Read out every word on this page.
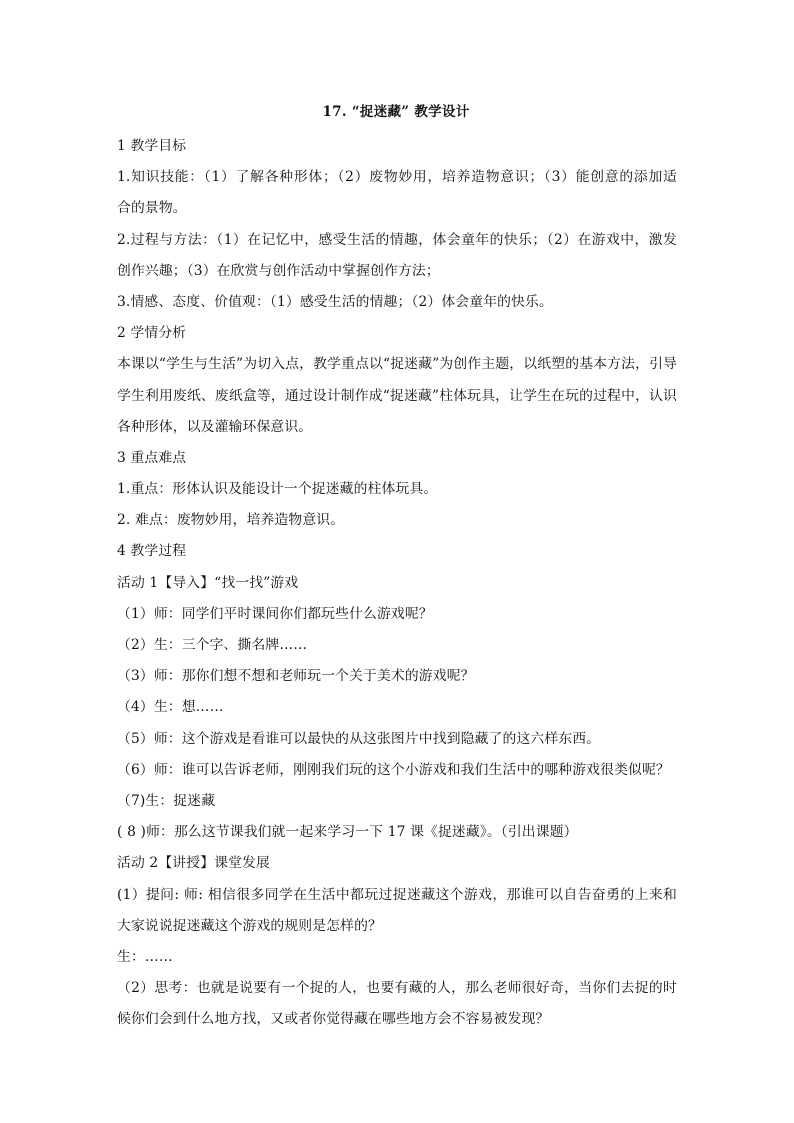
17. “捉迷藏” 教学设计
1 教学目标
1.知识技能：（1）了解各种形体；（2）废物妙用，培养造物意识；（3）能创意的添加适
合的景物。
2.过程与方法：（1）在记忆中，感受生活的情趣，体会童年的快乐；（2）在游戏中，激发
创作兴趣；（3）在欣赏与创作活动中掌握创作方法；
3.情感、态度、价值观：（1）感受生活的情趣；（2）体会童年的快乐。
2 学情分析
本课以“学生与生活”为切入点，教学重点以“捉迷藏”为创作主题，以纸塑的基本方法，引导
学生利用废纸、废纸盒等，通过设计制作成“捉迷藏”柱体玩具，让学生在玩的过程中，认识
各种形体，以及灌输环保意识。
3 重点难点
1.重点：形体认识及能设计一个捉迷藏的柱体玩具。
2. 难点：废物妙用，培养造物意识。
4 教学过程
活动 1【导入】“找一找”游戏
（1）师：同学们平时课间你们都玩些什么游戏呢？
（2）生：三个字、撕名牌……
（3）师：那你们想不想和老师玩一个关于美术的游戏呢？
（4）生：想……
（5）师：这个游戏是看谁可以最快的从这张图片中找到隐藏了的这六样东西。
（6）师：谁可以告诉老师，刚刚我们玩的这个小游戏和我们生活中的哪种游戏很类似呢？
（7)生：捉迷藏
( 8 )师：那么这节课我们就一起来学习一下 17 课《捉迷藏》。（引出课题）
活动 2【讲授】课堂发展
(1）提问: 师: 相信很多同学在生活中都玩过捉迷藏这个游戏，那谁可以自告奋勇的上来和
大家说说捉迷藏这个游戏的规则是怎样的？
生：……
（2）思考：也就是说要有一个捉的人，也要有藏的人，那么老师很好奇，当你们去捉的时
候你们会到什么地方找，又或者你觉得藏在哪些地方会不容易被发现？
